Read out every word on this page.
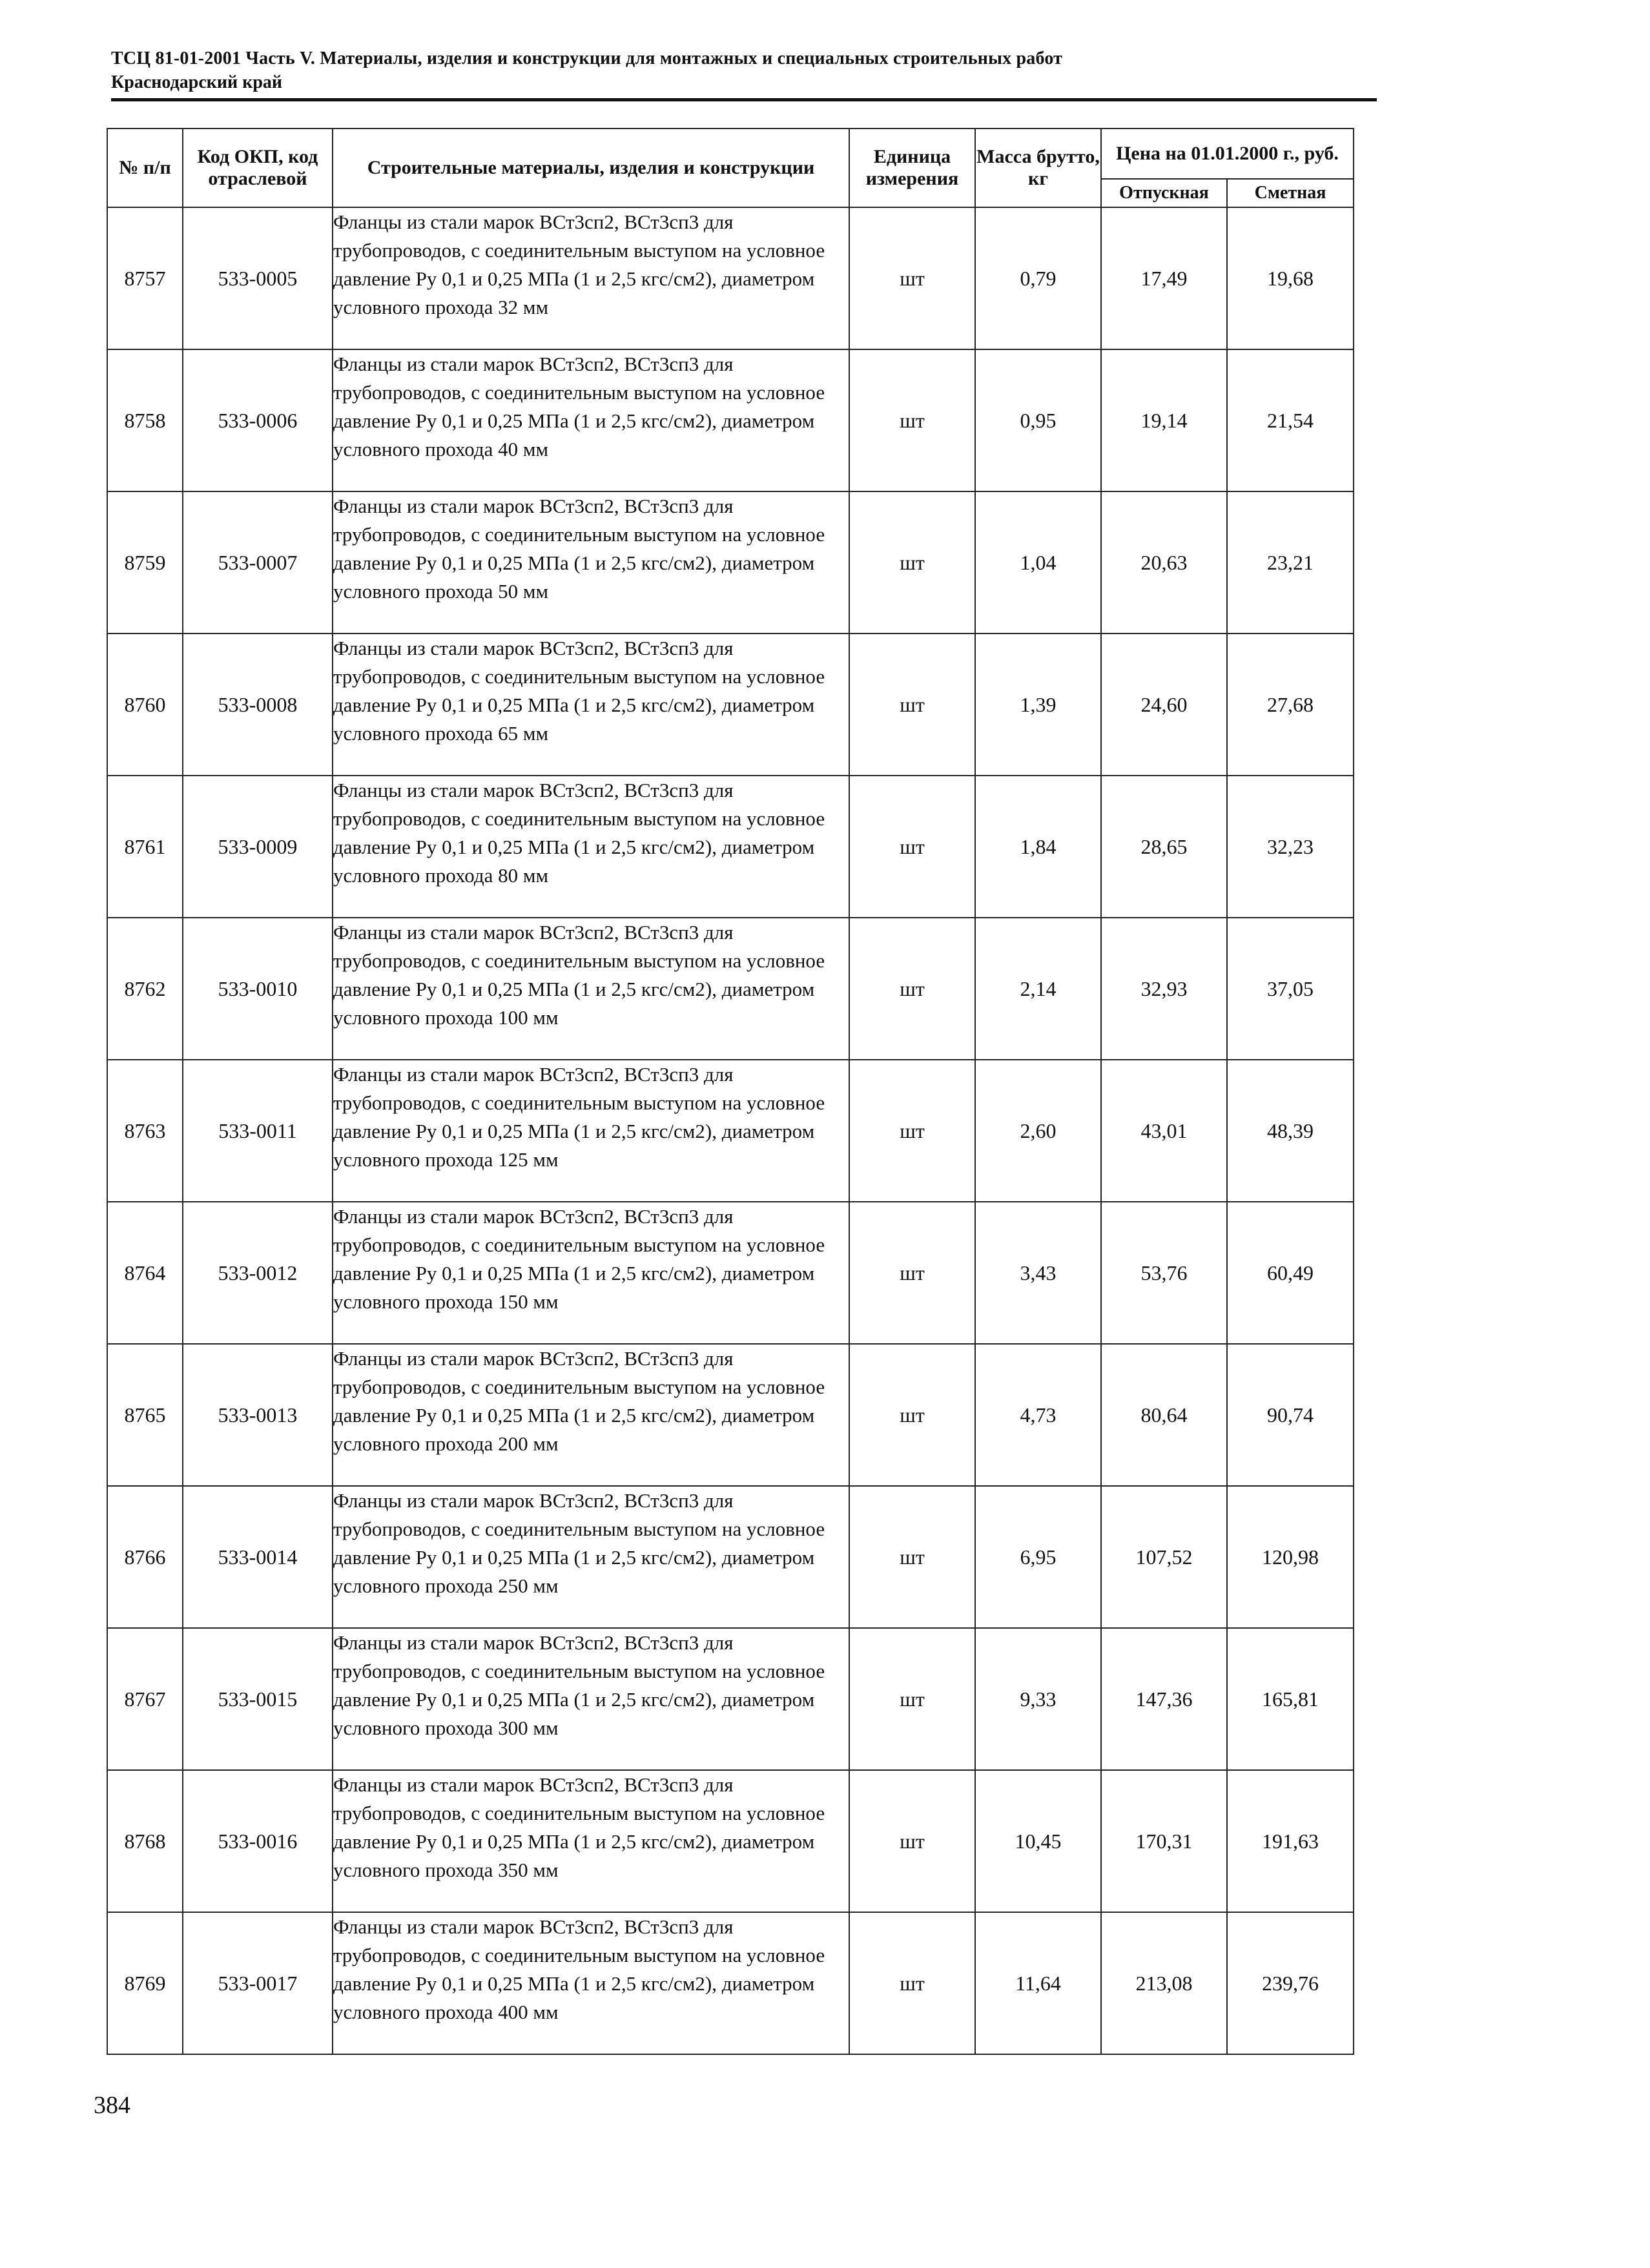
ТСЦ 81-01-2001 Часть V. Материалы, изделия и конструкции для монтажных и специальных строительных работ
Краснодарский край
№ п/п	Код ОКП, код отраслевой	Строительные материалы, изделия и конструкции	Единица измерения	Масса брутто, кг	Цена на 01.01.2000 г., руб.	
					Отпускная	Сметная
8757	533-0005	Фланцы из стали марок ВСт3сп2, ВСт3сп3 для трубопроводов, с соединительным выступом на условное давление Ру 0,1 и 0,25 МПа (1 и 2,5 кгс/см2), диаметром условного прохода 32 мм	шт	0,79	17,49	19,68
8758	533-0006	Фланцы из стали марок ВСт3сп2, ВСт3сп3 для трубопроводов, с соединительным выступом на условное давление Ру 0,1 и 0,25 МПа (1 и 2,5 кгс/см2), диаметром условного прохода 40 мм	шт	0,95	19,14	21,54
8759	533-0007	Фланцы из стали марок ВСт3сп2, ВСт3сп3 для трубопроводов, с соединительным выступом на условное давление Ру 0,1 и 0,25 МПа (1 и 2,5 кгс/см2), диаметром условного прохода 50 мм	шт	1,04	20,63	23,21
8760	533-0008	Фланцы из стали марок ВСт3сп2, ВСт3сп3 для трубопроводов, с соединительным выступом на условное давление Ру 0,1 и 0,25 МПа (1 и 2,5 кгс/см2), диаметром условного прохода 65 мм	шт	1,39	24,60	27,68
8761	533-0009	Фланцы из стали марок ВСт3сп2, ВСт3сп3 для трубопроводов, с соединительным выступом на условное давление Ру 0,1 и 0,25 МПа (1 и 2,5 кгс/см2), диаметром условного прохода 80 мм	шт	1,84	28,65	32,23
8762	533-0010	Фланцы из стали марок ВСт3сп2, ВСт3сп3 для трубопроводов, с соединительным выступом на условное давление Ру 0,1 и 0,25 МПа (1 и 2,5 кгс/см2), диаметром условного прохода 100 мм	шт	2,14	32,93	37,05
8763	533-0011	Фланцы из стали марок ВСт3сп2, ВСт3сп3 для трубопроводов, с соединительным выступом на условное давление Ру 0,1 и 0,25 МПа (1 и 2,5 кгс/см2), диаметром условного прохода 125 мм	шт	2,60	43,01	48,39
8764	533-0012	Фланцы из стали марок ВСт3сп2, ВСт3сп3 для трубопроводов, с соединительным выступом на условное давление Ру 0,1 и 0,25 МПа (1 и 2,5 кгс/см2), диаметром условного прохода 150 мм	шт	3,43	53,76	60,49
8765	533-0013	Фланцы из стали марок ВСт3сп2, ВСт3сп3 для трубопроводов, с соединительным выступом на условное давление Ру 0,1 и 0,25 МПа (1 и 2,5 кгс/см2), диаметром условного прохода 200 мм	шт	4,73	80,64	90,74
8766	533-0014	Фланцы из стали марок ВСт3сп2, ВСт3сп3 для трубопроводов, с соединительным выступом на условное давление Ру 0,1 и 0,25 МПа (1 и 2,5 кгс/см2), диаметром условного прохода 250 мм	шт	6,95	107,52	120,98
8767	533-0015	Фланцы из стали марок ВСт3сп2, ВСт3сп3 для трубопроводов, с соединительным выступом на условное давление Ру 0,1 и 0,25 МПа (1 и 2,5 кгс/см2), диаметром условного прохода 300 мм	шт	9,33	147,36	165,81
8768	533-0016	Фланцы из стали марок ВСт3сп2, ВСт3сп3 для трубопроводов, с соединительным выступом на условное давление Ру 0,1 и 0,25 МПа (1 и 2,5 кгс/см2), диаметром условного прохода 350 мм	шт	10,45	170,31	191,63
8769	533-0017	Фланцы из стали марок ВСт3сп2, ВСт3сп3 для трубопроводов, с соединительным выступом на условное давление Ру 0,1 и 0,25 МПа (1 и 2,5 кгс/см2), диаметром условного прохода 400 мм	шт	11,64	213,08	239,76
384
